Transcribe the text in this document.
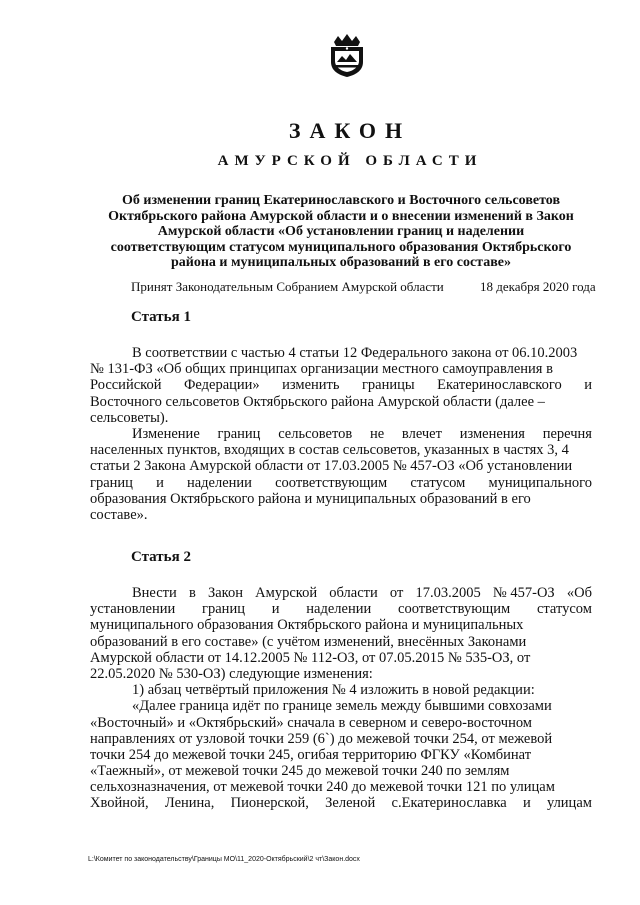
ЗАКОН
АМУРСКОЙ ОБЛАСТИ
Об изменении границ Екатеринославского и Восточного сельсоветов
Октябрьского района Амурской области и о внесении изменений в Закон
Амурской области «Об установлении границ и наделении
соответствующим статусом муниципального образования Октябрьского
района и муниципальных образований в его составе»
Принят Законодательным Собранием Амурской области	18 декабря 2020 года
Статья 1
В соответствии с частью 4 статьи 12 Федерального закона от 06.10.2003
№ 131-ФЗ «Об общих принципах организации местного самоуправления в
Российской Федерации» изменить границы Екатеринославского и
Восточного сельсоветов Октябрьского района Амурской области (далее –
сельсоветы).
Изменение границ сельсоветов не влечет изменения перечня
населенных пунктов, входящих в состав сельсоветов, указанных в частях 3, 4
статьи 2 Закона Амурской области от 17.03.2005 № 457-ОЗ «Об установлении
границ и наделении соответствующим статусом муниципального
образования Октябрьского района и муниципальных образований в его
составе».
Статья 2
Внести в Закон Амурской области от 17.03.2005 № 457-ОЗ «Об
установлении границ и наделении соответствующим статусом
муниципального образования Октябрьского района и муниципальных
образований в его составе» (с учётом изменений, внесённых Законами
Амурской области от 14.12.2005 № 112-ОЗ, от 07.05.2015 № 535-ОЗ, от
22.05.2020 № 530-ОЗ) следующие изменения:
1) абзац четвёртый приложения № 4 изложить в новой редакции:
«Далее граница идёт по границе земель между бывшими совхозами
«Восточный» и «Октябрьский» сначала в северном и северо-восточном
направлениях от узловой точки 259 (6`) до межевой точки 254, от межевой
точки 254 до межевой точки 245, огибая территорию ФГКУ «Комбинат
«Таежный», от межевой точки 245 до межевой точки 240 по землям
сельхозназначения, от межевой точки 240 до межевой точки 121 по улицам
Хвойной, Ленина, Пионерской, Зеленой с.Екатеринославка и улицам
L:\Комитет по законодательству\Границы МО\11_2020-Октябрьский\2 чт\Закон.docx
